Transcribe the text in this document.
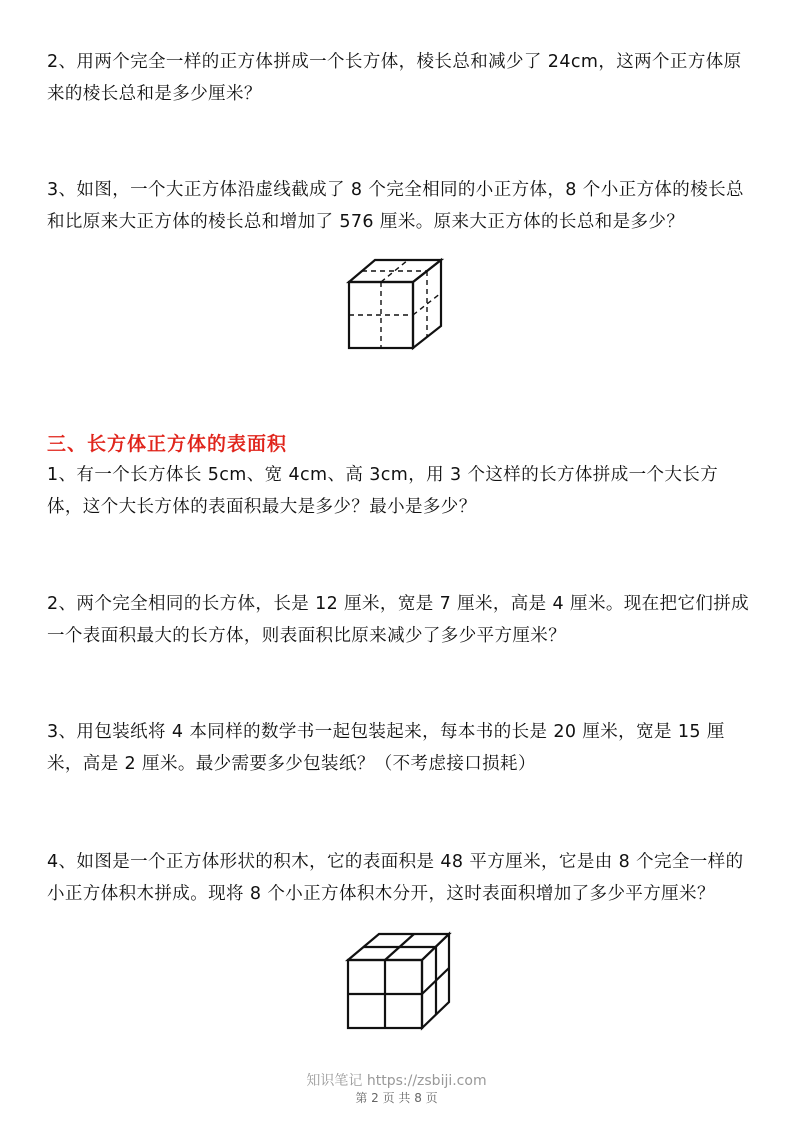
2、用两个完全一样的正方体拼成一个长方体，棱长总和减少了 24cm，这两个正方体原来的棱长总和是多少厘米？

3、如图，一个大正方体沿虚线截成了 8 个完全相同的小正方体，8 个小正方体的棱长总和比原来大正方体的棱长总和增加了 576 厘米。原来大正方体的长总和是多少？

三、长方体正方体的表面积

1、有一个长方体长 5cm、宽 4cm、高 3cm，用 3 个这样的长方体拼成一个大长方体，这个大长方体的表面积最大是多少？最小是多少？

2、两个完全相同的长方体，长是 12 厘米，宽是 7 厘米，高是 4 厘米。现在把它们拼成一个表面积最大的长方体，则表面积比原来减少了多少平方厘米？

3、用包装纸将 4 本同样的数学书一起包装起来，每本书的长是 20 厘米，宽是 15 厘米，高是 2 厘米。最少需要多少包装纸？（不考虑接口损耗）

4、如图是一个正方体形状的积木，它的表面积是 48 平方厘米，它是由 8 个完全一样的小正方体积木拼成。现将 8 个小正方体积木分开，这时表面积增加了多少平方厘米？

知识笔记 https://zsbiji.com
第 2 页 共 8 页
